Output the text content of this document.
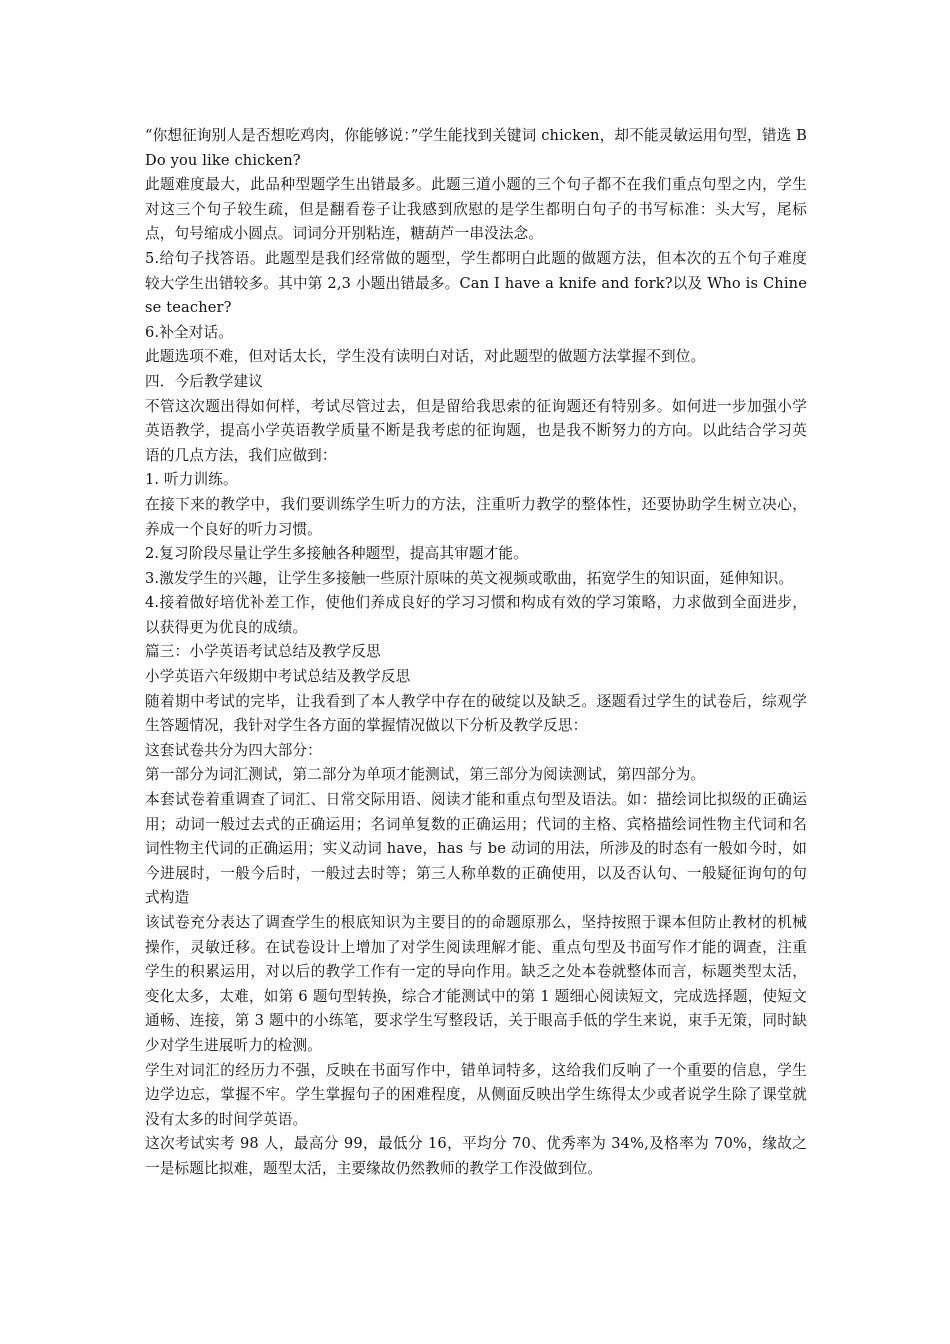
“你想征询别人是否想吃鸡肉，你能够说：”学生能找到关键词 chicken，却不能灵敏运用句型，错选 B Do you like chicken?

此题难度最大，此品种型题学生出错最多。此题三道小题的三个句子都不在我们重点句型之内，学生对这三个句子较生疏，但是翻看卷子让我感到欣慰的是学生都明白句子的书写标准：头大写，尾标点，句号缩成小圆点。词词分开别粘连，糖葫芦一串没法念。

5.给句子找答语。此题型是我们经常做的题型，学生都明白此题的做题方法，但本次的五个句子难度较大学生出错较多。其中第 2,3 小题出错最多。Can I have a knife and fork?以及 Who is Chinese teacher?

6.补全对话。

此题选项不难，但对话太长，学生没有读明白对话，对此题型的做题方法掌握不到位。

四．今后教学建议

不管这次题出得如何样，考试尽管过去，但是留给我思索的征询题还有特别多。如何进一步加强小学英语教学，提高小学英语教学质量不断是我考虑的征询题，也是我不断努力的方向。以此结合学习英语的几点方法，我们应做到：

1. 听力训练。

在接下来的教学中，我们要训练学生听力的方法，注重听力教学的整体性，还要协助学生树立决心，养成一个良好的听力习惯。

2.复习阶段尽量让学生多接触各种题型，提高其审题才能。

3.激发学生的兴趣，让学生多接触一些原汁原味的英文视频或歌曲，拓宽学生的知识面，延伸知识。

4.接着做好培优补差工作，使他们养成良好的学习习惯和构成有效的学习策略，力求做到全面进步，以获得更为优良的成绩。

篇三：小学英语考试总结及教学反思

小学英语六年级期中考试总结及教学反思

随着期中考试的完毕，让我看到了本人教学中存在的破绽以及缺乏。逐题看过学生的试卷后，综观学生答题情况，我针对学生各方面的掌握情况做以下分析及教学反思：

这套试卷共分为四大部分：

第一部分为词汇测试，第二部分为单项才能测试，第三部分为阅读测试，第四部分为。

本套试卷着重调查了词汇、日常交际用语、阅读才能和重点句型及语法。如：描绘词比拟级的正确运用；动词一般过去式的正确运用；名词单复数的正确运用；代词的主格、宾格描绘词性物主代词和名词性物主代词的正确运用；实义动词 have，has 与 be 动词的用法，所涉及的时态有一般如今时，如今进展时，一般今后时，一般过去时等；第三人称单数的正确使用，以及否认句、一般疑征询句的句式构造

该试卷充分表达了调查学生的根底知识为主要目的的命题原那么，坚持按照于课本但防止教材的机械操作，灵敏迁移。在试卷设计上增加了对学生阅读理解才能、重点句型及书面写作才能的调查，注重学生的积累运用，对以后的教学工作有一定的导向作用。缺乏之处本卷就整体而言，标题类型太活，变化太多，太难，如第 6 题句型转换，综合才能测试中的第 1 题细心阅读短文，完成选择题，使短文通畅、连接，第 3 题中的小练笔，要求学生写整段话，关于眼高手低的学生来说，束手无策，同时缺少对学生进展听力的检测。

学生对词汇的经历力不强，反映在书面写作中，错单词特多，这给我们反响了一个重要的信息，学生边学边忘，掌握不牢。学生掌握句子的困难程度，从侧面反映出学生练得太少或者说学生除了课堂就没有太多的时间学英语。

这次考试实考 98 人，最高分 99，最低分 16，平均分 70、优秀率为 34%,及格率为 70%，缘故之一是标题比拟难，题型太活，主要缘故仍然教师的教学工作没做到位。
